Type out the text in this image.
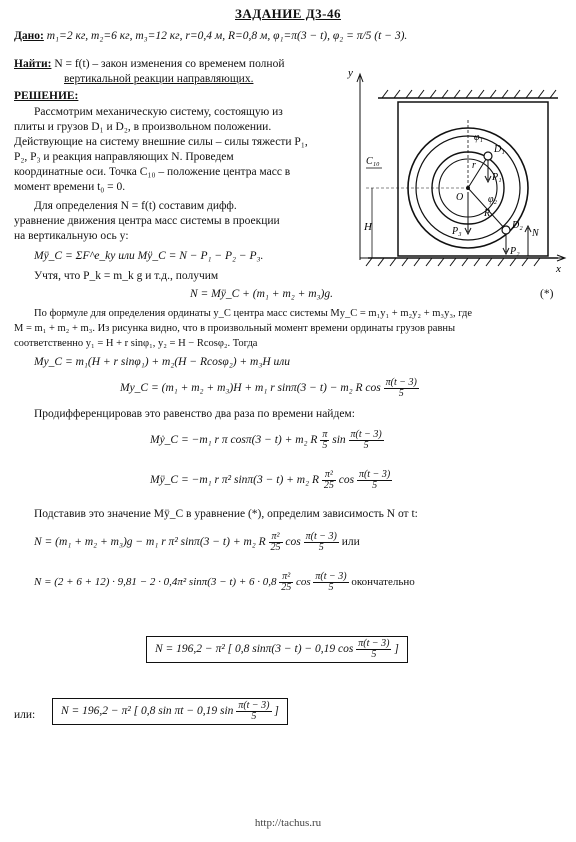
ЗАДАНИЕ Д3-46
Дано: m₁=2 кг, m₂=6 кг, m₃=12 кг, r=0,4 м, R=0,8 м, φ₁=π(3 − t), φ₂ = π/5 (t − 3).
Найти: N = f(t) – закон изменения со временем полной
вертикальной реакции направляющих.
РЕШЕНИЕ:
Рассмотрим механическую систему, состоящую из
плиты и грузов D₁ и D₂, в произвольном положении.
Действующие на систему внешние силы – силы тяжести P₁,
P₂, P₃ и реакция направляющих N. Проведем
координатные оси. Точка C₁₀ – положение центра масс в
момент времени t₀ = 0.
Для определения N = f(t) составим дифф.
уравнение движения центра масс системы в проекции
на вертикальную ось y:
Mÿ_C = ΣF^e_ky или Mÿ_C = N − P₁ − P₂ − P₃.
Учтя, что P_k = m_k g и т.д., получим
N = Mÿ_C + (m₁ + m₂ + m₃)g.	(*)
По формуле для определения ординаты y_C центра масс системы My_C = m₁y₁ + m₂y₂ + m₃y₃, где
M = m₁ + m₂ + m₃. Из рисунка видно, что в произвольный момент времени ординаты грузов равны
соответственно y₁ = H + r sinφ₁, y₂ = H − Rcosφ₂. Тогда
My_C = m₁(H + r sinφ₁) + m₂(H − Rcosφ₂) + m₃H или
My_C = (m₁ + m₂ + m₃)H + m₁ r sinπ(3 − t) − m₂ R $\cos \frac{\pi(t - 3)}{5}$
Продифференцировав это равенство два раза по времени найдем:
Mẏ_C = −m₁ r π cosπ(3 − t) + m₂ R $\frac{\pi}{5}$ $\sin \frac{\pi(t - 3)}{5}$
Mÿ_C = −m₁ r π² sinπ(3 − t) + m₂ R $\frac{\text{π²}}{25}$ $\cos \frac{\pi(t - 3)}{5}$
Подставив это значение Mÿ_C в уравнение (*), определим зависимость N от t:
N = (m₁ + m₂ + m₃)g − m₁ r π² sinπ(3 − t) + m₂ R $\frac{\text{π²}}{25}$ $\cos \frac{\pi(t - 3)}{5}$ или
N = (2 + 6 + 12) · 9,81 − 2 · 0,4π² $\sin\pi(3 - t) + 6 \cdot 0,8 \frac{\text{π²}}{25}$ $\cos \frac{\pi(t - 3)}{5}$ окончательно
N = 196,2 − π² [ 0,8 sinπ(3 − t) − 0,19 $\cos \frac{\pi(t - 3)}{5}$ ]
или:	N = 196,2 − π² [ 0,8 sin πt − 0,19 $\sin \frac{\pi(t - 3)}{5}$ ]
y
x
C₁₀
H
D₁
D₂
P₁
P₂
P₃	N
r
R
φ₁
φ₂
O
http://tachus.ru
